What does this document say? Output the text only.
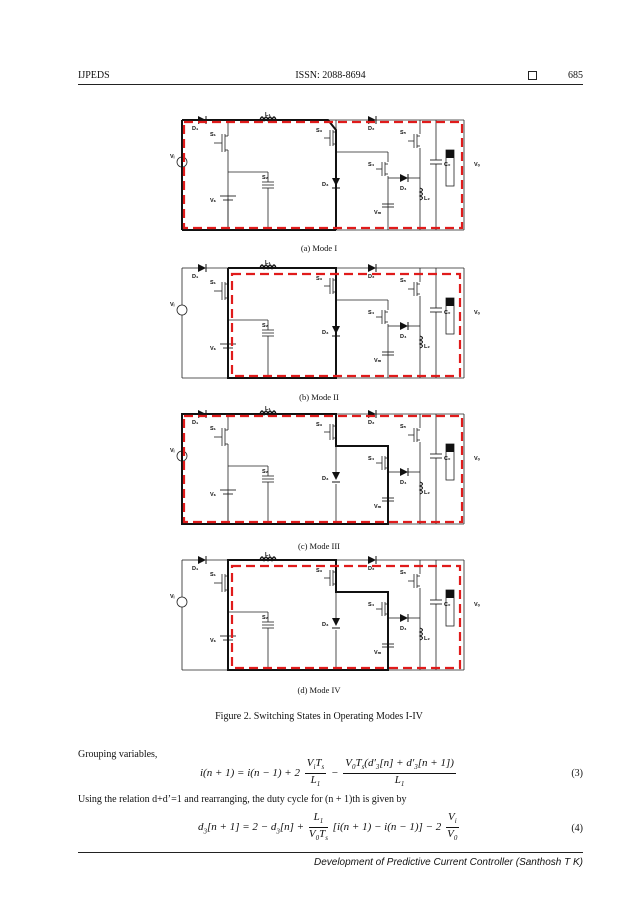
IJPEDS	ISSN: 2088-8694	685
L₁
D₁	D₂
S₁
S₂
S₃
S₄
S₅
D₃
D₄
Vᵢ
Vₛ
Vₘ
L₂
C₀	Vₒ
L₁
D₁	D₂
S₁
S₂
S₃
S₄
S₅
D₃
D₄
Vᵢ
Vₛ
Vₘ
L₂
C₀	Vₒ
L₁
D₁	D₂
S₁
S₂
S₃
S₄
S₅
D₃
D₄
Vᵢ
Vₛ
Vₘ
L₂
C₀	Vₒ
L₁
D₁	D₂
S₁
S₂
S₃
S₄
S₅
D₃
D₄
Vᵢ
Vₛ
Vₘ
L₂
C₀	Vₒ
(a) Mode I
(b) Mode II
(c) Mode III
(d) Mode IV
Figure 2. Switching States in Operating Modes I-IV
Grouping variables,
$i(n + 1) = i(n - 1) + 2 \frac{V_iT_s}{L_1} - \frac{V_0T_s(d'_3[n] + d'_3[n + 1])}{L_1}$	(3)
Using the relation d+d’=1 and rearranging, the duty cycle for (n + 1)th is given by
$d_3[n + 1] = 2 - d_3[n] + \frac{L_1}{V_0T_s} [i(n + 1) - i(n - 1)] - 2 \frac{V_i}{V_0}$	(4)
Development of Predictive Current Controller (Santhosh T K)
